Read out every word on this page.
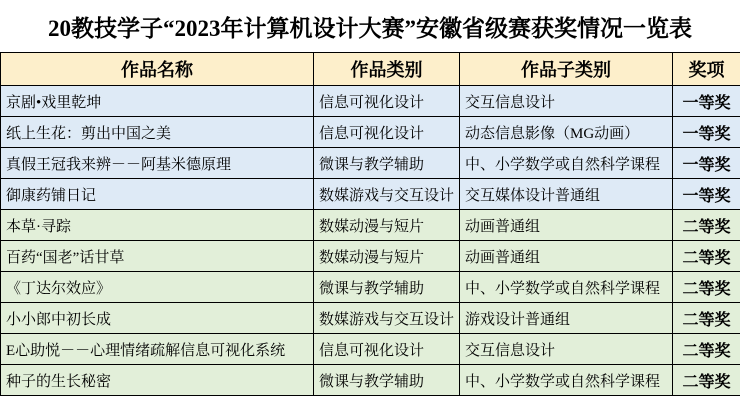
20教技学子“2023年计算机设计大赛”安徽省级赛获奖情况一览表
作品名称	作品类别	作品子类别	奖项
京剧•戏里乾坤	信息可视化设计	交互信息设计	一等奖
纸上生花：剪出中国之美	信息可视化设计	动态信息影像（MG动画）	一等奖
真假王冠我来辨－－阿基米德原理	微课与教学辅助	中、小学数学或自然科学课程	一等奖
御康药铺日记	数媒游戏与交互设计	交互媒体设计普通组	一等奖
本草·寻踪	数媒动漫与短片	动画普通组	二等奖
百药“国老”话甘草	数媒动漫与短片	动画普通组	二等奖
《丁达尔效应》	微课与教学辅助	中、小学数学或自然科学课程	二等奖
小小郎中初长成	数媒游戏与交互设计	游戏设计普通组	二等奖
E心助悦－－心理情绪疏解信息可视化系统	信息可视化设计	交互信息设计	二等奖
种子的生长秘密	微课与教学辅助	中、小学数学或自然科学课程	二等奖
